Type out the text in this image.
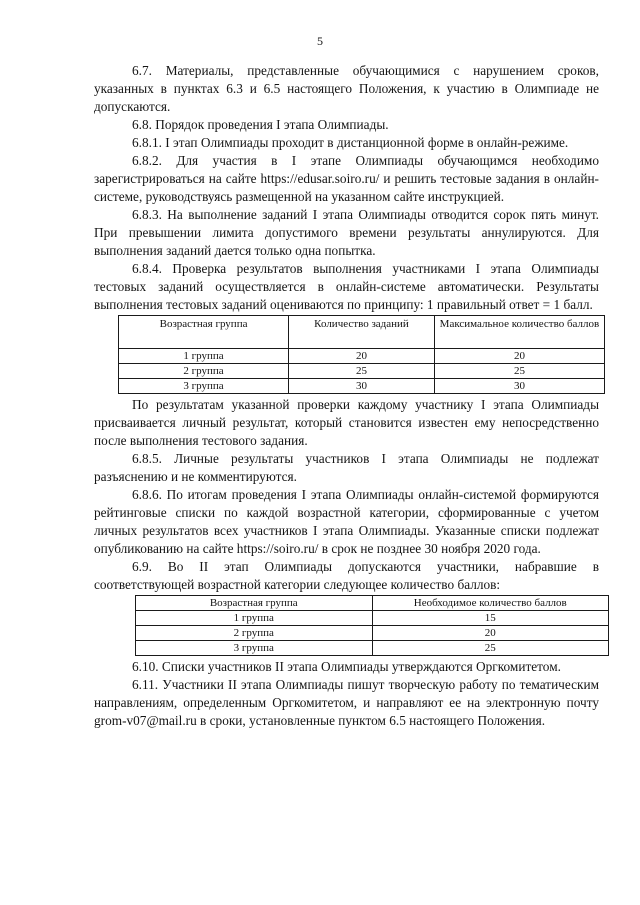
5

6.7. Материалы, представленные обучающимися с нарушением сроков, указанных в пунктах 6.3 и 6.5 настоящего Положения, к участию в Олимпиаде не допускаются.

6.8. Порядок проведения I этапа Олимпиады.

6.8.1. I этап Олимпиады проходит в дистанционной форме в онлайн-режиме.

6.8.2. Для участия в I этапе Олимпиады обучающимся необходимо зарегистрироваться на сайте https://edusar.soiro.ru/ и решить тестовые задания в онлайн-системе, руководствуясь размещенной на указанном сайте инструкцией.

6.8.3. На выполнение заданий I этапа Олимпиады отводится сорок пять минут. При превышении лимита допустимого времени результаты аннулируются. Для выполнения заданий дается только одна попытка.

6.8.4. Проверка результатов выполнения участниками I этапа Олимпиады тестовых заданий осуществляется в онлайн-системе автоматически. Результаты выполнения тестовых заданий оцениваются по принципу: 1 правильный ответ = 1 балл.

Возрастная группа	Количество заданий	Максимальное количество баллов
1 группа	20	20
2 группа	25	25
3 группа	30	30

По результатам указанной проверки каждому участнику I этапа Олимпиады присваивается личный результат, который становится известен ему непосредственно после выполнения тестового задания.

6.8.5. Личные результаты участников I этапа Олимпиады не подлежат разъяснению и не комментируются.

6.8.6. По итогам проведения I этапа Олимпиады онлайн-системой формируются рейтинговые списки по каждой возрастной категории, сформированные с учетом личных результатов всех участников I этапа Олимпиады. Указанные списки подлежат опубликованию на сайте https://soiro.ru/ в срок не позднее 30 ноября 2020 года.

6.9. Во II этап Олимпиады допускаются участники, набравшие в соответствующей возрастной категории следующее количество баллов:

Возрастная группа	Необходимое количество баллов
1 группа	15
2 группа	20
3 группа	25

6.10. Списки участников II этапа Олимпиады утверждаются Оргкомитетом.

6.11. Участники II этапа Олимпиады пишут творческую работу по тематическим направлениям, определенным Оргкомитетом, и направляют ее на электронную почту grom-v07@mail.ru в сроки, установленные пунктом 6.5 настоящего Положения.
